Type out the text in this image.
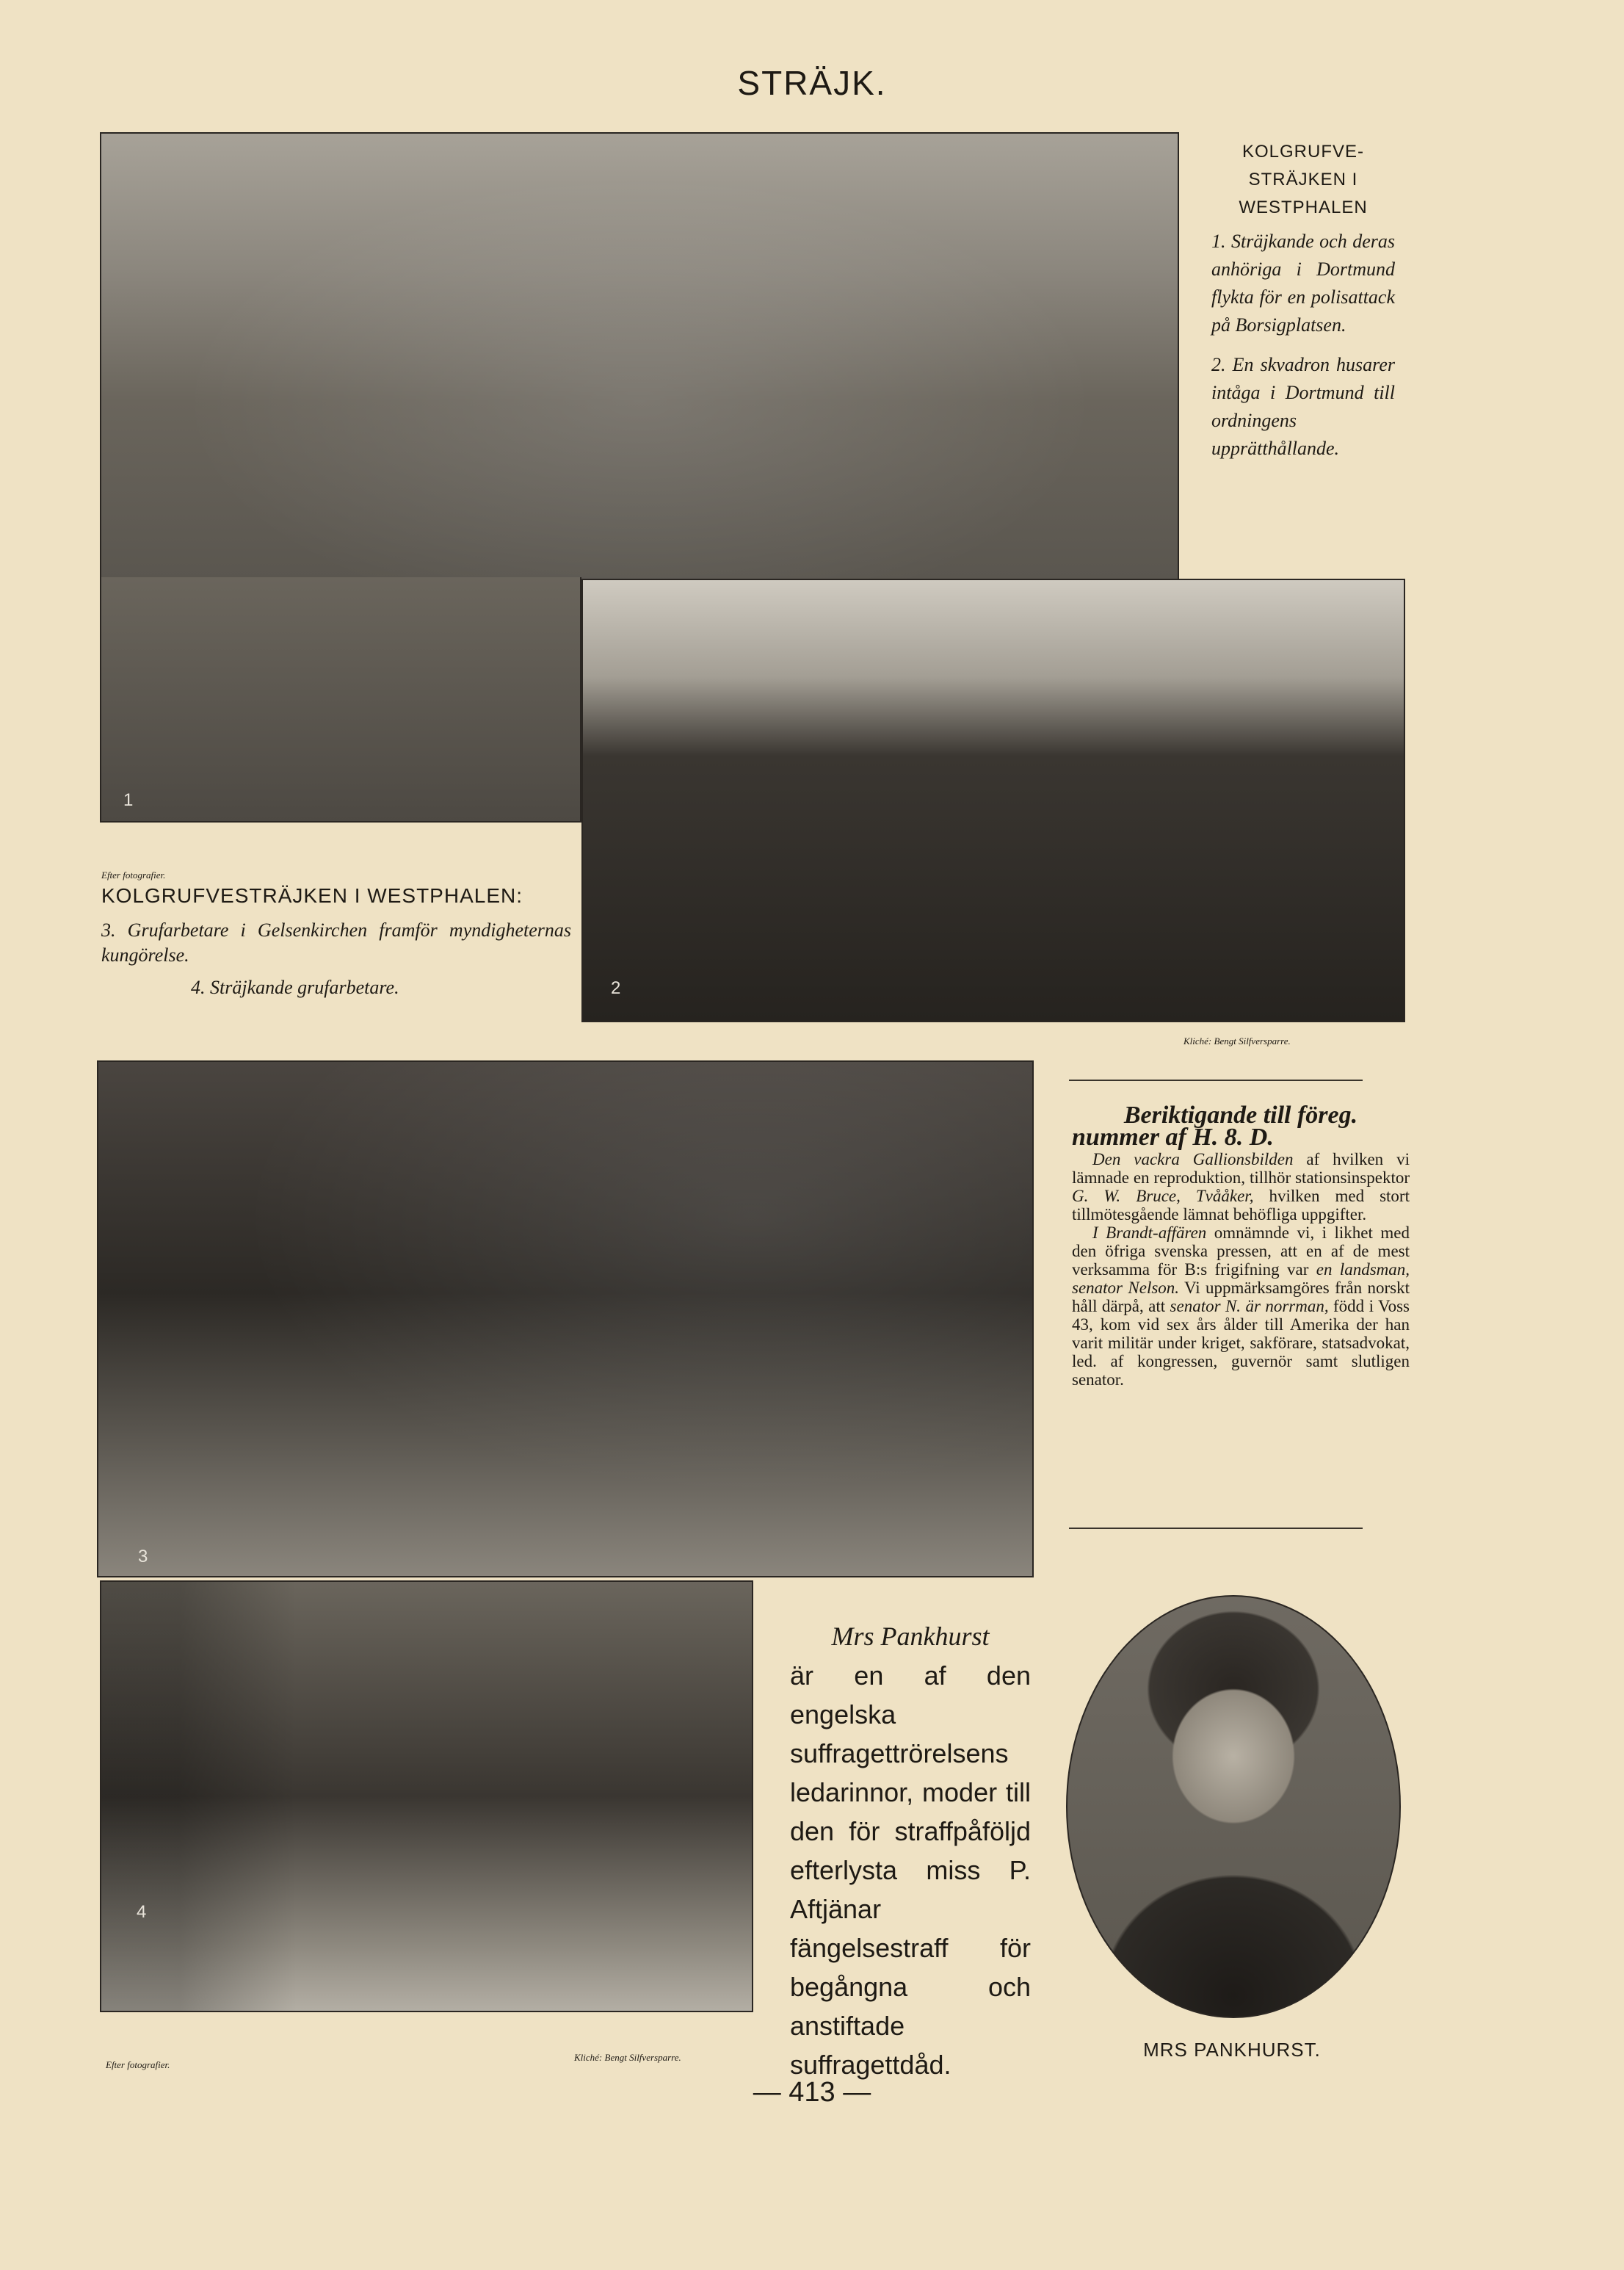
STRÄJK.
1
KOLGRUFVE-
STRÄJKEN I
WESTPHALEN
1. Sträjkande och deras anhöriga i Dortmund flykta för en polisattack på Borsigplatsen.
2. En skvadron husarer intåga i Dortmund till ordningens upprätthållande.
2
Efter fotografier.
KOLGRUFVESTRÄJKEN I WESTPHALEN:
3. Grufarbetare i Gelsenkirchen framför myndigheternas kungörelse.
4. Sträjkande grufarbetare.
Kliché: Bengt Silfversparre.
3
Beriktigande till föreg.
nummer af H. 8. D.

Den vackra Gallionsbilden af hvilken vi lämnade en reproduktion, tillhör stationsinspektor G. W. Bruce, Tvååker, hvilken med stort tillmötesgående lämnat behöfliga uppgifter.

I Brandt-affären omnämnde vi, i likhet med den öfriga svenska pressen, att en af de mest verksamma för B:s frigifning var en landsman, senator Nelson. Vi uppmärksamgöres från norskt håll därpå, att senator N. är norrman, född i Voss 43, kom vid sex års ålder till Amerika der han varit militär under kriget, sakförare, statsadvokat, led. af kongressen, guvernör samt slutligen senator.

4
Efter fotografier.
Kliché: Bengt Silfversparre.
Mrs Pankhurst

är en af den engelska suffragettrörelsens ledarinnor, moder till den för straffpåföljd efterlysta miss P. Aftjänar fängelsestraff för begångna och anstiftade suffragettdåd.	MRS PANKHURST.
— 413 —
